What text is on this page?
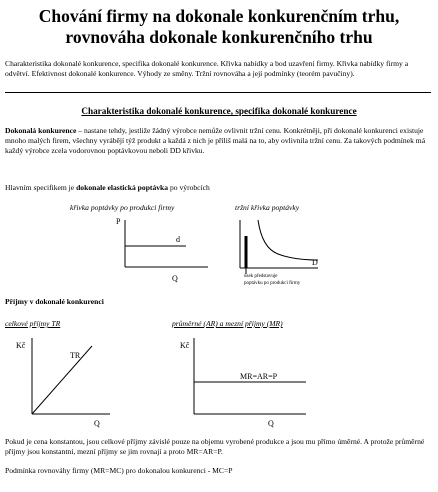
Chování firmy na dokonale konkurenčním trhu,
rovnováha dokonale konkurenčního trhu
Charakteristika dokonalé konkurence, specifika dokonalé konkurence. Křivka nabídky a bod uzavření firmy. Křivka nabídky firmy a odvětví. Efektivnost dokonalé konkurence. Výhody ze směny. Tržní rovnováha a její podmínky (teorém pavučiny).
Charakteristika dokonalé konkurence, specifika dokonalé konkurence
Dokonalá konkurence – nastane tehdy, jestliže žádný výrobce nemůže ovlivnit tržní cenu. Konkrétněji, při dokonalé konkurenci existuje mnoho malých firem, všechny vyrábějí týž produkt a každá z nich je příliš malá na to, aby ovlivnila tržní cenu. Za takových podmínek má každý výrobce zcela vodorovnou poptávkovou neboli DD křivku.
Hlavním specifikem je dokonale elastická poptávka po výrobcích
křivka poptávky po produkci firmy
P
Q
d
tržní křivka poptávky
D
úsek představuje
poptávku po produkci firmy
Příjmy v dokonalé konkurenci
celkové příjmy TR
Kč
Q
TR
průměrné (AR) a mezní příjmy (MR)
Kč
Q
MR=AR=P
Pokud je cena konstantou, jsou celkové příjmy závislé pouze na objemu vyrobené produkce a jsou mu přímo úměrné. A protože průměrné příjmy jsou konstantní, mezní příjmy se jim rovnají a proto MR=AR=P.
Podmínka rovnováhy firmy (MR=MC) pro dokonalou konkurenci - MC=P
